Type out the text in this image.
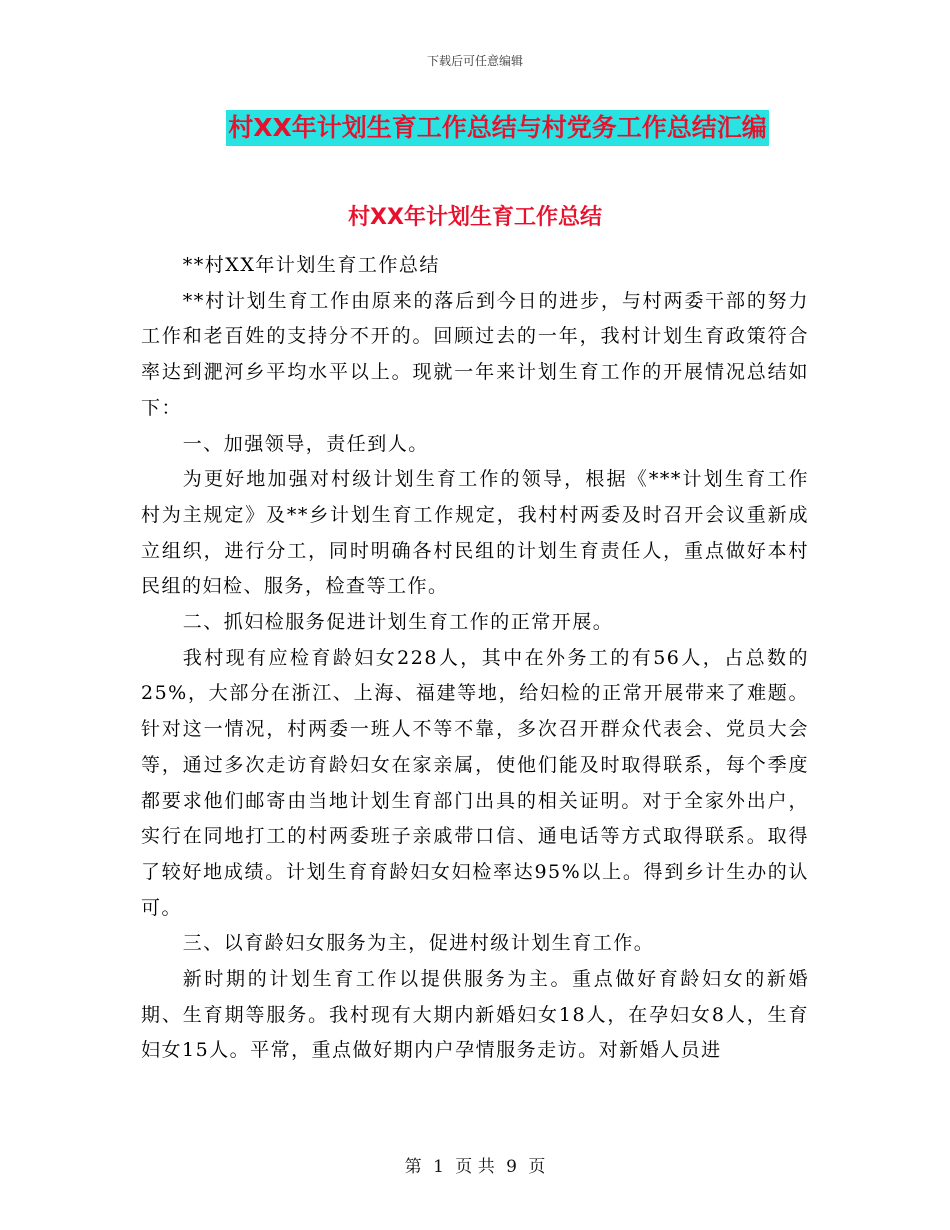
下载后可任意编辑
村XX年计划生育工作总结与村党务工作总结汇编
村XX年计划生育工作总结

**村XX年计划生育工作总结

**村计划生育工作由原来的落后到今日的进步，与村两委干部的努力工作和老百姓的支持分不开的。回顾过去的一年，我村计划生育政策符合率达到淝河乡平均水平以上。现就一年来计划生育工作的开展情况总结如下：

一、加强领导，责任到人。

为更好地加强对村级计划生育工作的领导，根据《***计划生育工作村为主规定》及**乡计划生育工作规定，我村村两委及时召开会议重新成立组织，进行分工，同时明确各村民组的计划生育责任人，重点做好本村民组的妇检、服务，检查等工作。

二、抓妇检服务促进计划生育工作的正常开展。

我村现有应检育龄妇女228人，其中在外务工的有56人，占总数的25%，大部分在浙江、上海、福建等地，给妇检的正常开展带来了难题。针对这一情况，村两委一班人不等不靠，多次召开群众代表会、党员大会等，通过多次走访育龄妇女在家亲属，使他们能及时取得联系，每个季度都要求他们邮寄由当地计划生育部门出具的相关证明。对于全家外出户，实行在同地打工的村两委班子亲戚带口信、通电话等方式取得联系。取得了较好地成绩。计划生育育龄妇女妇检率达95%以上。得到乡计生办的认可。

三、以育龄妇女服务为主，促进村级计划生育工作。

新时期的计划生育工作以提供服务为主。重点做好育龄妇女的新婚期、生育期等服务。我村现有大期内新婚妇女18人，在孕妇女8人，生育妇女15人。平常，重点做好期内户孕情服务走访。对新婚人员进

第 1 页 共 9 页
